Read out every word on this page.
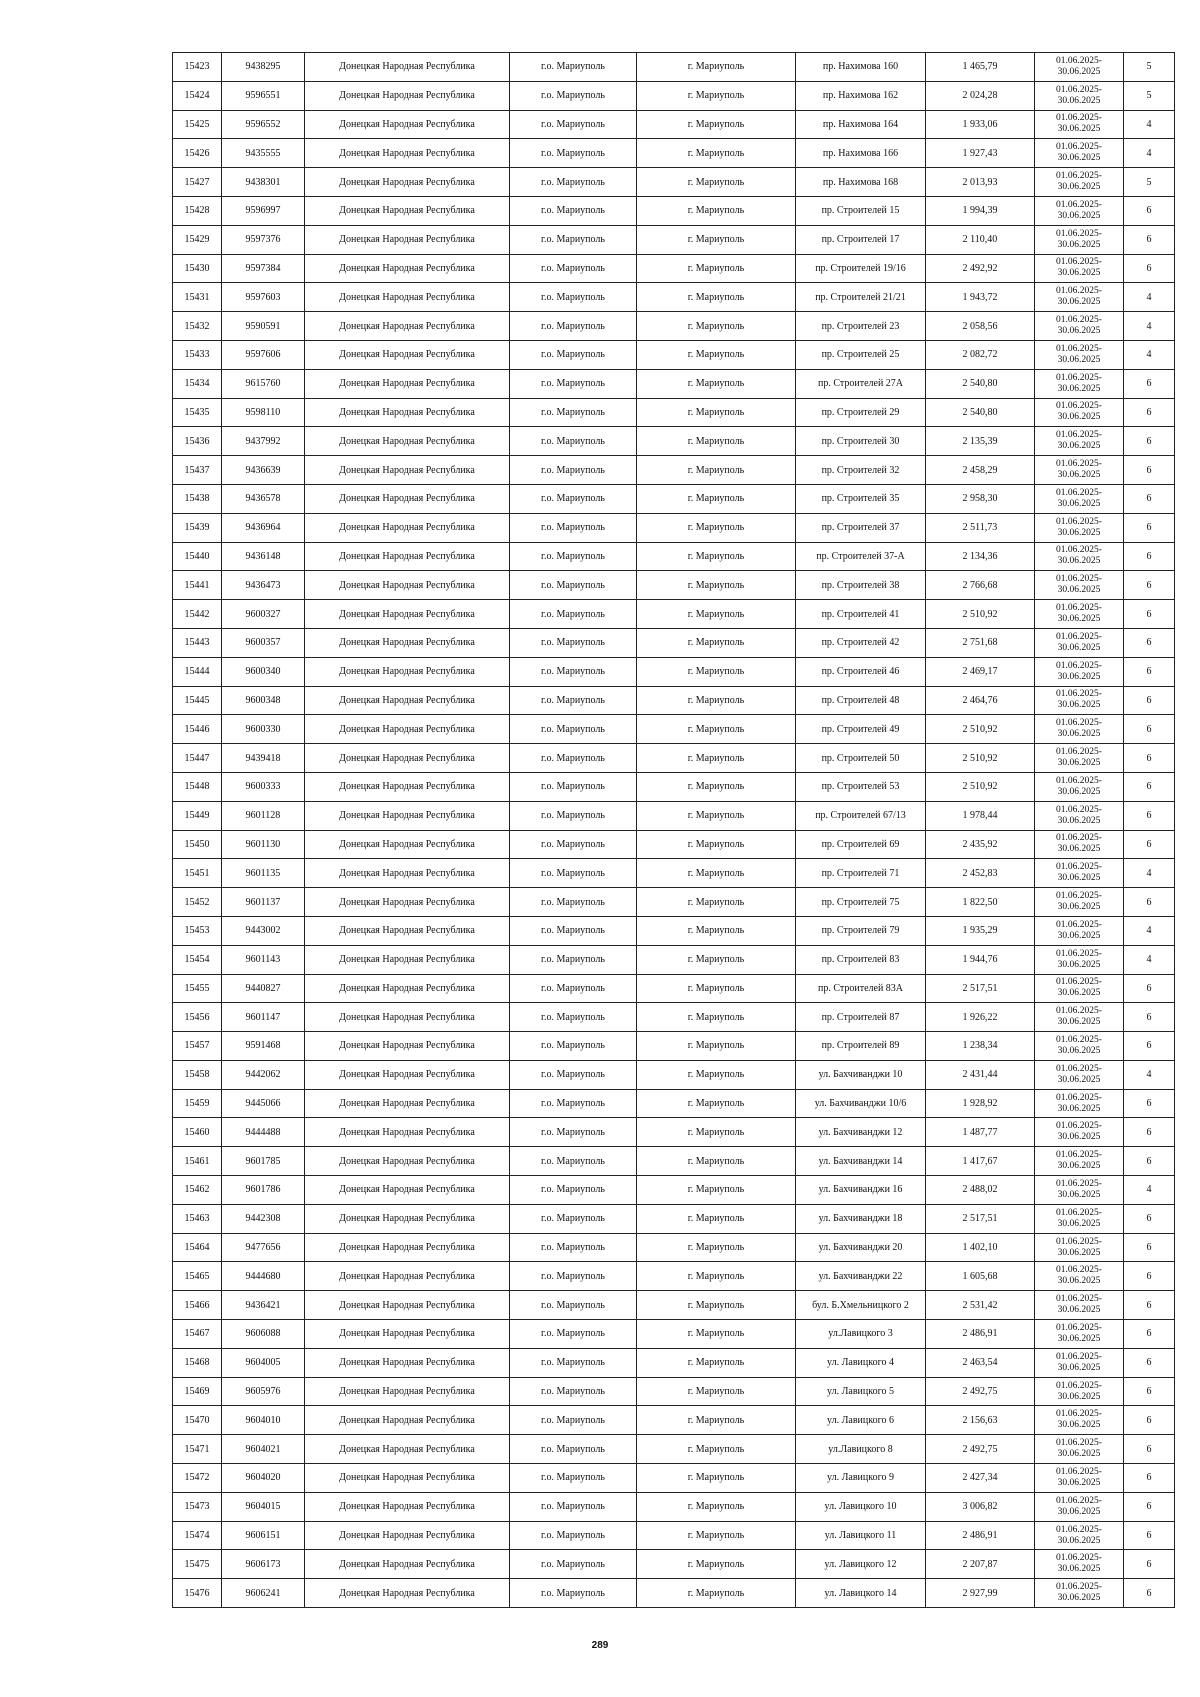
15423	9438295	Донецкая Народная Республика	г.о. Мариуполь	г. Мариуполь	пр. Нахимова 160	1 465,79	01.06.2025-
30.06.2025	5
15424	9596551	Донецкая Народная Республика	г.о. Мариуполь	г. Мариуполь	пр. Нахимова 162	2 024,28	01.06.2025-
30.06.2025	5
15425	9596552	Донецкая Народная Республика	г.о. Мариуполь	г. Мариуполь	пр. Нахимова 164	1 933,06	01.06.2025-
30.06.2025	4
15426	9435555	Донецкая Народная Республика	г.о. Мариуполь	г. Мариуполь	пр. Нахимова 166	1 927,43	01.06.2025-
30.06.2025	4
15427	9438301	Донецкая Народная Республика	г.о. Мариуполь	г. Мариуполь	пр. Нахимова 168	2 013,93	01.06.2025-
30.06.2025	5
15428	9596997	Донецкая Народная Республика	г.о. Мариуполь	г. Мариуполь	пр. Строителей 15	1 994,39	01.06.2025-
30.06.2025	6
15429	9597376	Донецкая Народная Республика	г.о. Мариуполь	г. Мариуполь	пр. Строителей 17	2 110,40	01.06.2025-
30.06.2025	6
15430	9597384	Донецкая Народная Республика	г.о. Мариуполь	г. Мариуполь	пр. Строителей 19/16	2 492,92	01.06.2025-
30.06.2025	6
15431	9597603	Донецкая Народная Республика	г.о. Мариуполь	г. Мариуполь	пр. Строителей 21/21	1 943,72	01.06.2025-
30.06.2025	4
15432	9590591	Донецкая Народная Республика	г.о. Мариуполь	г. Мариуполь	пр. Строителей 23	2 058,56	01.06.2025-
30.06.2025	4
15433	9597606	Донецкая Народная Республика	г.о. Мариуполь	г. Мариуполь	пр. Строителей 25	2 082,72	01.06.2025-
30.06.2025	4
15434	9615760	Донецкая Народная Республика	г.о. Мариуполь	г. Мариуполь	пр. Строителей 27А	2 540,80	01.06.2025-
30.06.2025	6
15435	9598110	Донецкая Народная Республика	г.о. Мариуполь	г. Мариуполь	пр. Строителей 29	2 540,80	01.06.2025-
30.06.2025	6
15436	9437992	Донецкая Народная Республика	г.о. Мариуполь	г. Мариуполь	пр. Строителей 30	2 135,39	01.06.2025-
30.06.2025	6
15437	9436639	Донецкая Народная Республика	г.о. Мариуполь	г. Мариуполь	пр. Строителей 32	2 458,29	01.06.2025-
30.06.2025	6
15438	9436578	Донецкая Народная Республика	г.о. Мариуполь	г. Мариуполь	пр. Строителей 35	2 958,30	01.06.2025-
30.06.2025	6
15439	9436964	Донецкая Народная Республика	г.о. Мариуполь	г. Мариуполь	пр. Строителей 37	2 511,73	01.06.2025-
30.06.2025	6
15440	9436148	Донецкая Народная Республика	г.о. Мариуполь	г. Мариуполь	пр. Строителей 37-А	2 134,36	01.06.2025-
30.06.2025	6
15441	9436473	Донецкая Народная Республика	г.о. Мариуполь	г. Мариуполь	пр. Строителей 38	2 766,68	01.06.2025-
30.06.2025	6
15442	9600327	Донецкая Народная Республика	г.о. Мариуполь	г. Мариуполь	пр. Строителей 41	2 510,92	01.06.2025-
30.06.2025	6
15443	9600357	Донецкая Народная Республика	г.о. Мариуполь	г. Мариуполь	пр. Строителей 42	2 751,68	01.06.2025-
30.06.2025	6
15444	9600340	Донецкая Народная Республика	г.о. Мариуполь	г. Мариуполь	пр. Строителей 46	2 469,17	01.06.2025-
30.06.2025	6
15445	9600348	Донецкая Народная Республика	г.о. Мариуполь	г. Мариуполь	пр. Строителей 48	2 464,76	01.06.2025-
30.06.2025	6
15446	9600330	Донецкая Народная Республика	г.о. Мариуполь	г. Мариуполь	пр. Строителей 49	2 510,92	01.06.2025-
30.06.2025	6
15447	9439418	Донецкая Народная Республика	г.о. Мариуполь	г. Мариуполь	пр. Строителей 50	2 510,92	01.06.2025-
30.06.2025	6
15448	9600333	Донецкая Народная Республика	г.о. Мариуполь	г. Мариуполь	пр. Строителей 53	2 510,92	01.06.2025-
30.06.2025	6
15449	9601128	Донецкая Народная Республика	г.о. Мариуполь	г. Мариуполь	пр. Строителей 67/13	1 978,44	01.06.2025-
30.06.2025	6
15450	9601130	Донецкая Народная Республика	г.о. Мариуполь	г. Мариуполь	пр. Строителей 69	2 435,92	01.06.2025-
30.06.2025	6
15451	9601135	Донецкая Народная Республика	г.о. Мариуполь	г. Мариуполь	пр. Строителей 71	2 452,83	01.06.2025-
30.06.2025	4
15452	9601137	Донецкая Народная Республика	г.о. Мариуполь	г. Мариуполь	пр. Строителей 75	1 822,50	01.06.2025-
30.06.2025	6
15453	9443002	Донецкая Народная Республика	г.о. Мариуполь	г. Мариуполь	пр. Строителей 79	1 935,29	01.06.2025-
30.06.2025	4
15454	9601143	Донецкая Народная Республика	г.о. Мариуполь	г. Мариуполь	пр. Строителей 83	1 944,76	01.06.2025-
30.06.2025	4
15455	9440827	Донецкая Народная Республика	г.о. Мариуполь	г. Мариуполь	пр. Строителей 83А	2 517,51	01.06.2025-
30.06.2025	6
15456	9601147	Донецкая Народная Республика	г.о. Мариуполь	г. Мариуполь	пр. Строителей 87	1 926,22	01.06.2025-
30.06.2025	6
15457	9591468	Донецкая Народная Республика	г.о. Мариуполь	г. Мариуполь	пр. Строителей 89	1 238,34	01.06.2025-
30.06.2025	6
15458	9442062	Донецкая Народная Республика	г.о. Мариуполь	г. Мариуполь	ул. Бахчиванджи 10	2 431,44	01.06.2025-
30.06.2025	4
15459	9445066	Донецкая Народная Республика	г.о. Мариуполь	г. Мариуполь	ул. Бахчиванджи 10/6	1 928,92	01.06.2025-
30.06.2025	6
15460	9444488	Донецкая Народная Республика	г.о. Мариуполь	г. Мариуполь	ул. Бахчиванджи 12	1 487,77	01.06.2025-
30.06.2025	6
15461	9601785	Донецкая Народная Республика	г.о. Мариуполь	г. Мариуполь	ул. Бахчиванджи 14	1 417,67	01.06.2025-
30.06.2025	6
15462	9601786	Донецкая Народная Республика	г.о. Мариуполь	г. Мариуполь	ул. Бахчиванджи 16	2 488,02	01.06.2025-
30.06.2025	4
15463	9442308	Донецкая Народная Республика	г.о. Мариуполь	г. Мариуполь	ул. Бахчиванджи 18	2 517,51	01.06.2025-
30.06.2025	6
15464	9477656	Донецкая Народная Республика	г.о. Мариуполь	г. Мариуполь	ул. Бахчиванджи 20	1 402,10	01.06.2025-
30.06.2025	6
15465	9444680	Донецкая Народная Республика	г.о. Мариуполь	г. Мариуполь	ул. Бахчиванджи 22	1 605,68	01.06.2025-
30.06.2025	6
15466	9436421	Донецкая Народная Республика	г.о. Мариуполь	г. Мариуполь	бул. Б.Хмельницкого 2	2 531,42	01.06.2025-
30.06.2025	6
15467	9606088	Донецкая Народная Республика	г.о. Мариуполь	г. Мариуполь	ул.Лавицкого 3	2 486,91	01.06.2025-
30.06.2025	6
15468	9604005	Донецкая Народная Республика	г.о. Мариуполь	г. Мариуполь	ул. Лавицкого 4	2 463,54	01.06.2025-
30.06.2025	6
15469	9605976	Донецкая Народная Республика	г.о. Мариуполь	г. Мариуполь	ул. Лавицкого 5	2 492,75	01.06.2025-
30.06.2025	6
15470	9604010	Донецкая Народная Республика	г.о. Мариуполь	г. Мариуполь	ул. Лавицкого 6	2 156,63	01.06.2025-
30.06.2025	6
15471	9604021	Донецкая Народная Республика	г.о. Мариуполь	г. Мариуполь	ул.Лавицкого 8	2 492,75	01.06.2025-
30.06.2025	6
15472	9604020	Донецкая Народная Республика	г.о. Мариуполь	г. Мариуполь	ул. Лавицкого 9	2 427,34	01.06.2025-
30.06.2025	6
15473	9604015	Донецкая Народная Республика	г.о. Мариуполь	г. Мариуполь	ул. Лавицкого 10	3 006,82	01.06.2025-
30.06.2025	6
15474	9606151	Донецкая Народная Республика	г.о. Мариуполь	г. Мариуполь	ул. Лавицкого 11	2 486,91	01.06.2025-
30.06.2025	6
15475	9606173	Донецкая Народная Республика	г.о. Мариуполь	г. Мариуполь	ул. Лавицкого 12	2 207,87	01.06.2025-
30.06.2025	6
15476	9606241	Донецкая Народная Республика	г.о. Мариуполь	г. Мариуполь	ул. Лавицкого 14	2 927,99	01.06.2025-
30.06.2025	6
289
